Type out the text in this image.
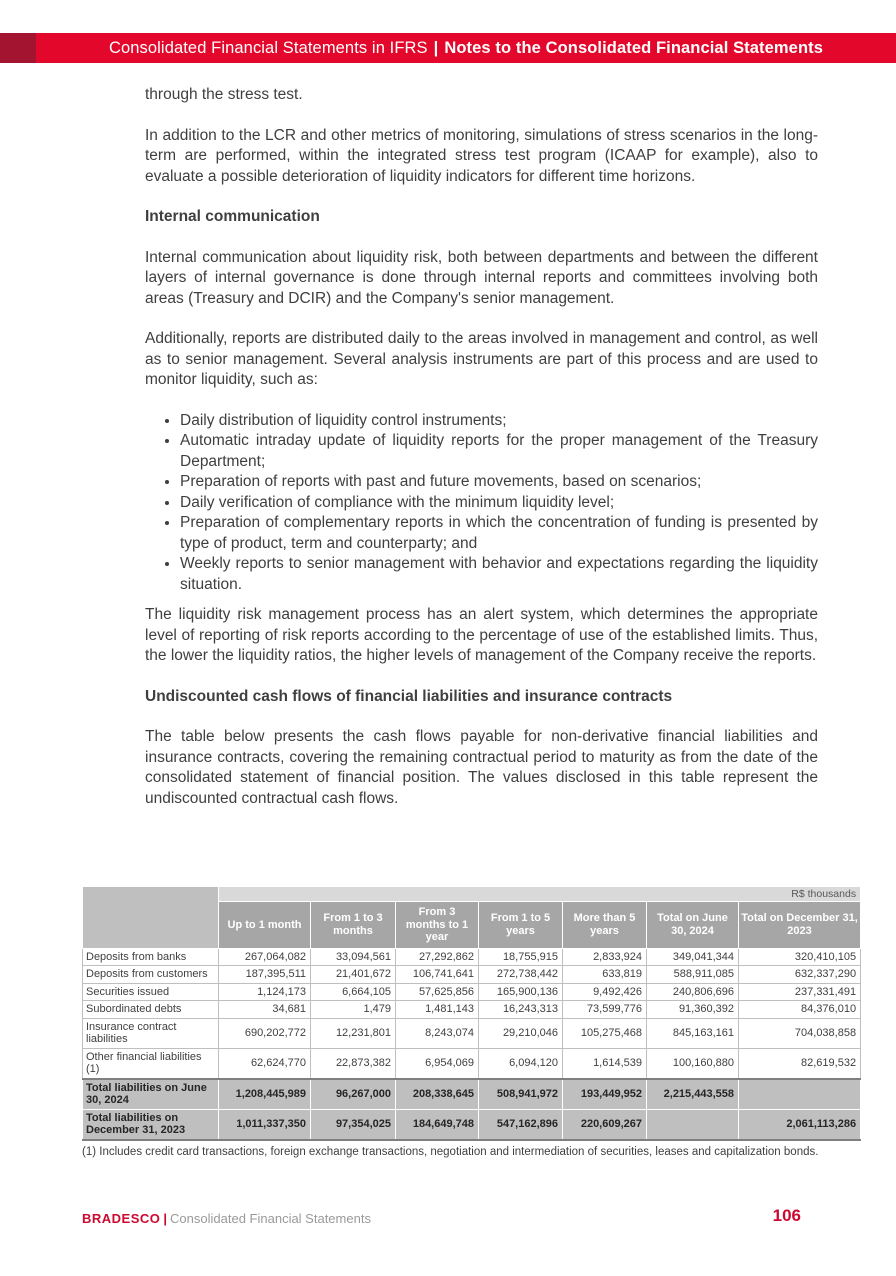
Consolidated Financial Statements in IFRS | Notes to the Consolidated Financial Statements

through the stress test.

In addition to the LCR and other metrics of monitoring, simulations of stress scenarios in the long-term are performed, within the integrated stress test program (ICAAP for example), also to evaluate a possible deterioration of liquidity indicators for different time horizons.

Internal communication

Internal communication about liquidity risk, both between departments and between the different layers of internal governance is done through internal reports and committees involving both areas (Treasury and DCIR) and the Company's senior management.

Additionally, reports are distributed daily to the areas involved in management and control, as well as to senior management. Several analysis instruments are part of this process and are used to monitor liquidity, such as:

• Daily distribution of liquidity control instruments;
• Automatic intraday update of liquidity reports for the proper management of the Treasury Department;
• Preparation of reports with past and future movements, based on scenarios;
• Daily verification of compliance with the minimum liquidity level;
• Preparation of complementary reports in which the concentration of funding is presented by type of product, term and counterparty; and
• Weekly reports to senior management with behavior and expectations regarding the liquidity situation.

The liquidity risk management process has an alert system, which determines the appropriate level of reporting of risk reports according to the percentage of use of the established limits. Thus, the lower the liquidity ratios, the higher levels of management of the Company receive the reports.

Undiscounted cash flows of financial liabilities and insurance contracts

The table below presents the cash flows payable for non-derivative financial liabilities and insurance contracts, covering the remaining contractual period to maturity as from the date of the consolidated statement of financial position. The values disclosed in this table represent the undiscounted contractual cash flows.

	R$ thousands						
	Up to 1 month	From 1 to 3 months	From 3 months to 1 year	From 1 to 5 years	More than 5 years	Total on June 30, 2024	Total on December 31, 2023
Deposits from banks	267,064,082	33,094,561	27,292,862	18,755,915	2,833,924	349,041,344	320,410,105
Deposits from customers	187,395,511	21,401,672	106,741,641	272,738,442	633,819	588,911,085	632,337,290
Securities issued	1,124,173	6,664,105	57,625,856	165,900,136	9,492,426	240,806,696	237,331,491
Subordinated debts	34,681	1,479	1,481,143	16,243,313	73,599,776	91,360,392	84,376,010
Insurance contract liabilities	690,202,772	12,231,801	8,243,074	29,210,046	105,275,468	845,163,161	704,038,858
Other financial liabilities (1)	62,624,770	22,873,382	6,954,069	6,094,120	1,614,539	100,160,880	82,619,532
Total liabilities on June 30, 2024	1,208,445,989	96,267,000	208,338,645	508,941,972	193,449,952	2,215,443,558	
Total liabilities on December 31, 2023	1,011,337,350	97,354,025	184,649,748	547,162,896	220,609,267		2,061,113,286

(1) Includes credit card transactions, foreign exchange transactions, negotiation and intermediation of securities, leases and capitalization bonds.

BRADESCO | Consolidated Financial Statements	106
